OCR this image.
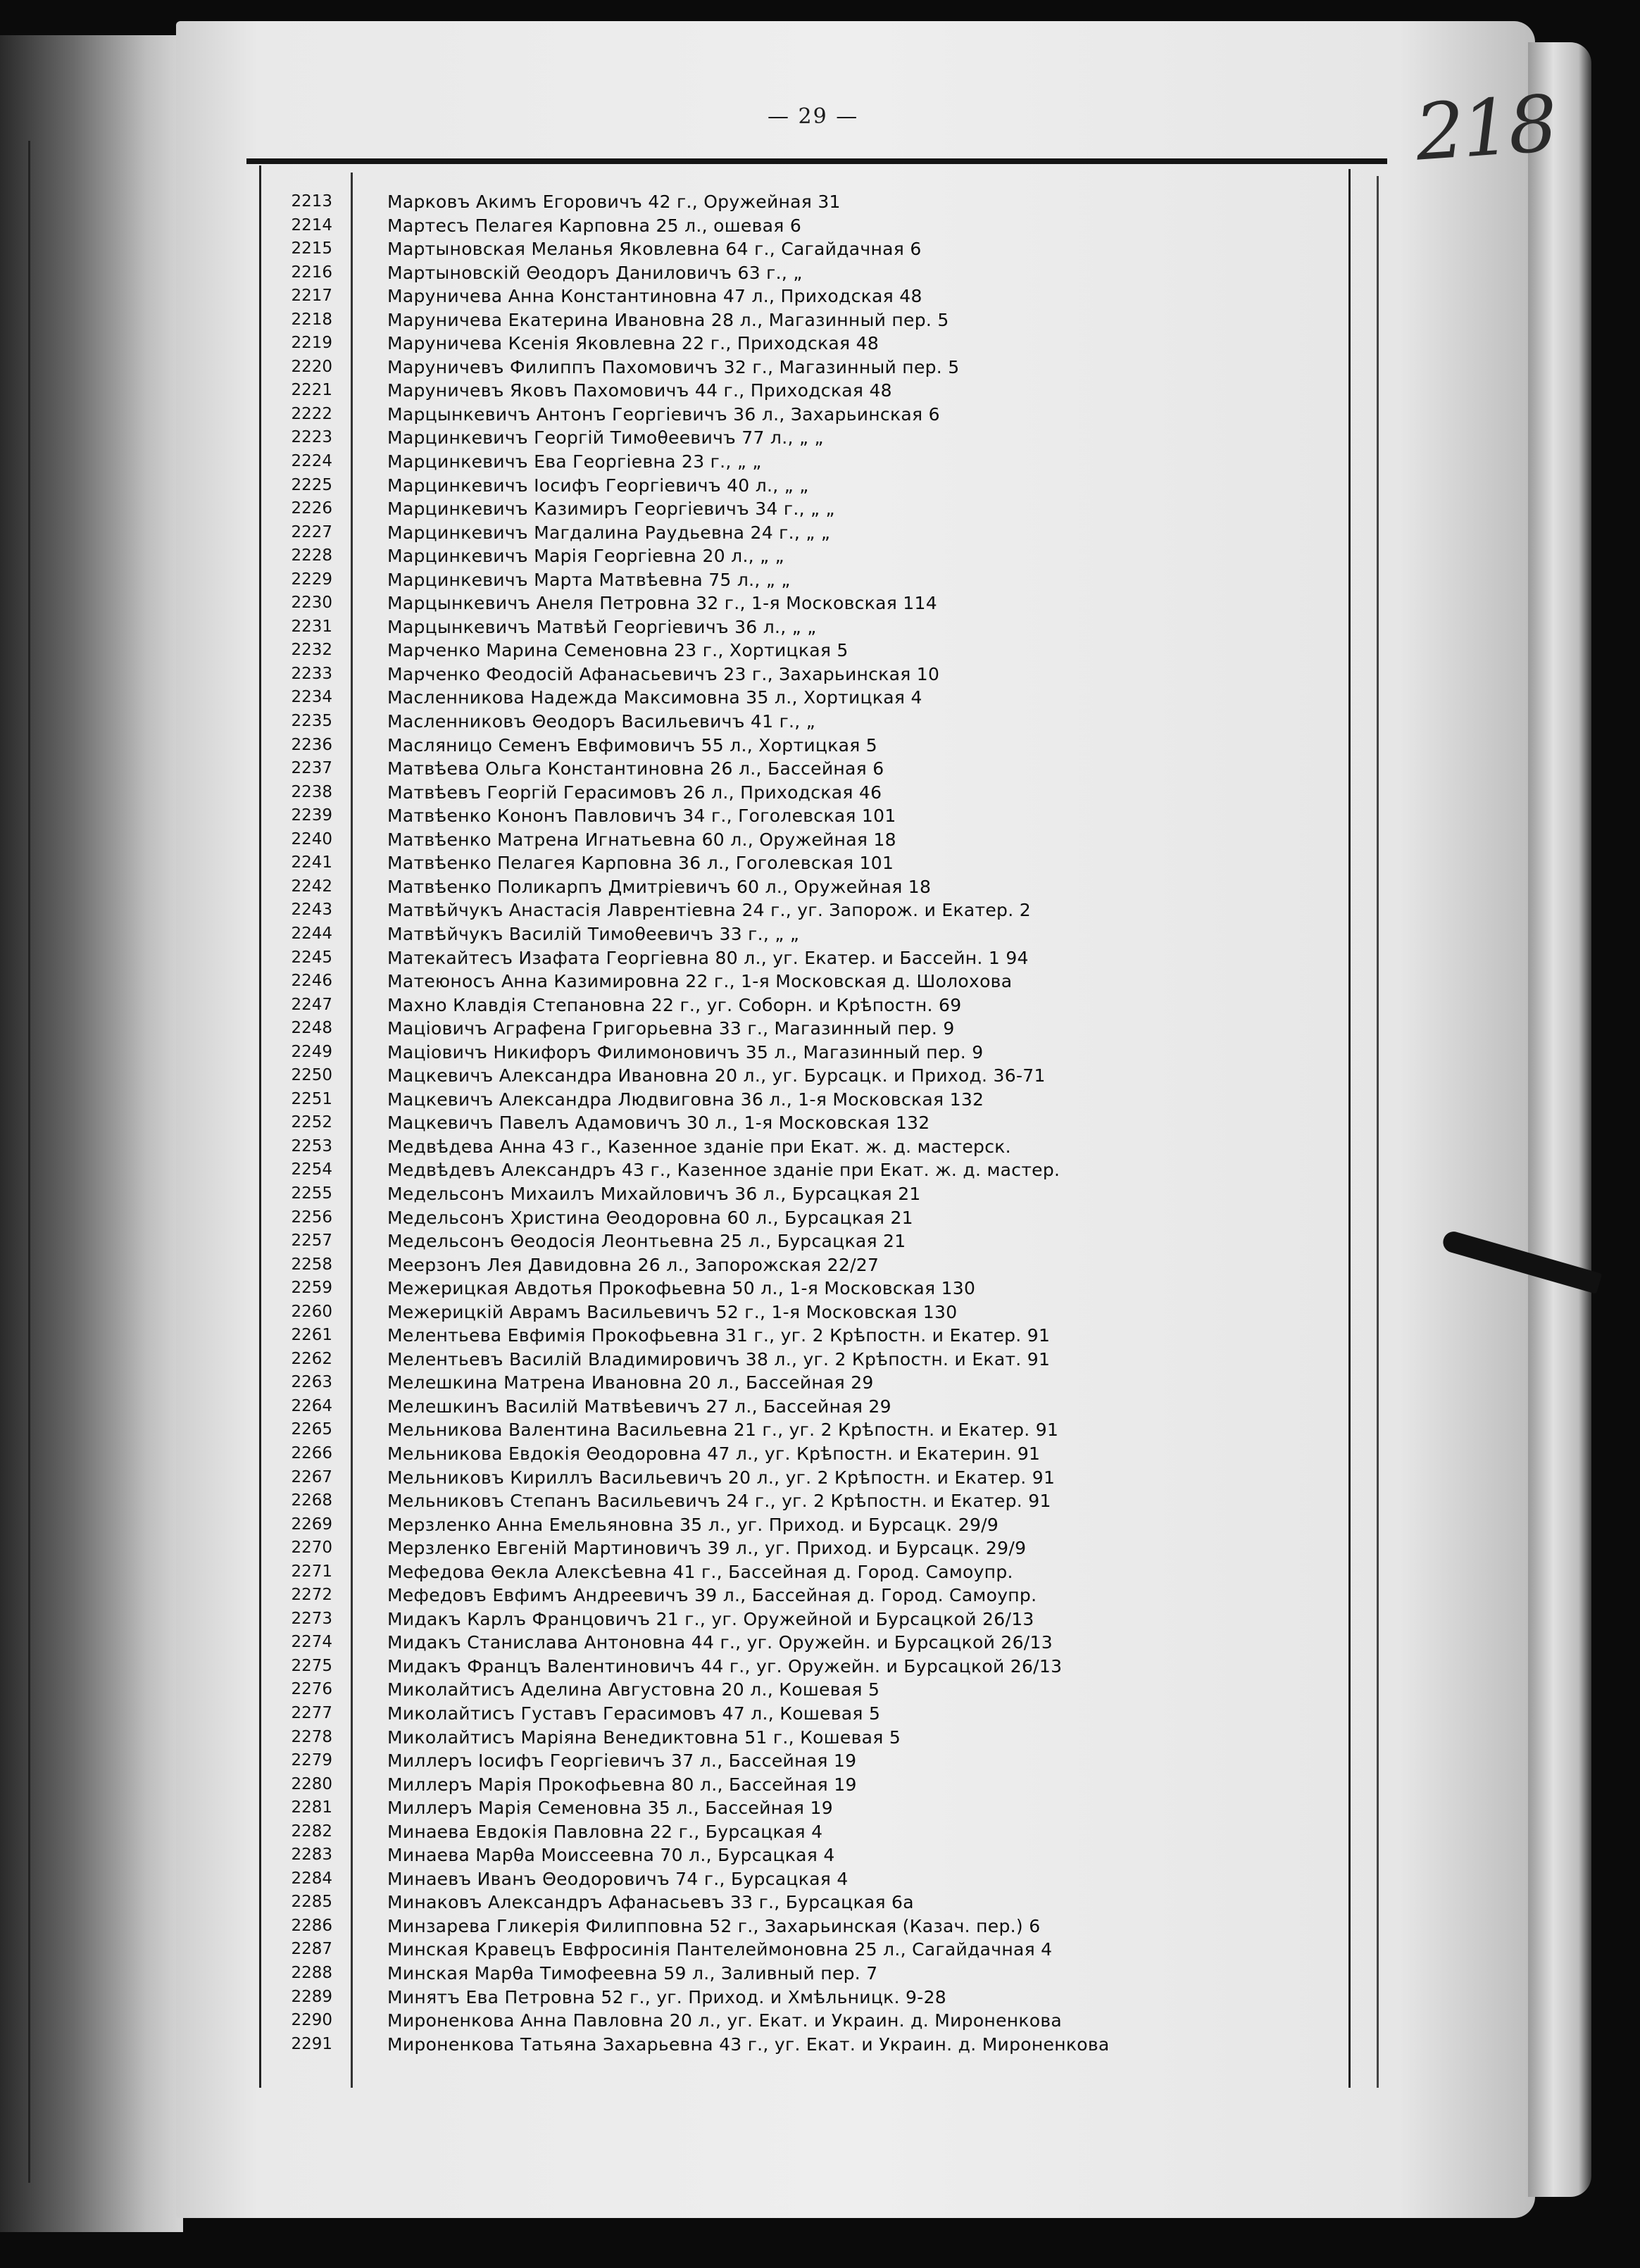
— 29 —	218
2213	Марковъ Акимъ Егоровичъ 42 г., Оружейная 31
2214	Мартесъ Пелагея Карповна 25 л., ошевая 6
2215	Мартыновская Меланья Яковлевна 64 г., Сагайдачная 6
2216	Мартыновскій Θеодоръ Даниловичъ 63 г., „
2217	Маруничева Анна Константиновна 47 л., Приходская 48
2218	Маруничева Екатерина Ивановна 28 л., Магазинный пер. 5
2219	Маруничева Ксенія Яковлевна 22 г., Приходская 48
2220	Маруничевъ Филиппъ Пахомовичъ 32 г., Магазинный пер. 5
2221	Маруничевъ Яковъ Пахомовичъ 44 г., Приходская 48
2222	Марцынкевичъ Антонъ Георгіевичъ 36 л., Захарьинская 6
2223	Марцинкевичъ Георгій Тимоθеевичъ 77 л., „ „
2224	Марцинкевичъ Ева Георгіевна 23 г., „ „
2225	Марцинкевичъ Іосифъ Георгіевичъ 40 л., „ „
2226	Марцинкевичъ Казимиръ Георгіевичъ 34 г., „ „
2227	Марцинкевичъ Магдалина Раудьевна 24 г., „ „
2228	Марцинкевичъ Марія Георгіевна 20 л., „ „
2229	Марцинкевичъ Марта Матвѣевна 75 л., „ „
2230	Марцынкевичъ Анеля Петровна 32 г., 1-я Московская 114
2231	Марцынкевичъ Матвѣй Георгіевичъ 36 л., „ „
2232	Марченко Марина Семеновна 23 г., Хортицкая 5
2233	Марченко Феодосій Афанасьевичъ 23 г., Захарьинская 10
2234	Масленникова Надежда Максимовна 35 л., Хортицкая 4
2235	Масленниковъ Θеодоръ Васильевичъ 41 г., „
2236	Масляницо Семенъ Евфимовичъ 55 л., Хортицкая 5
2237	Матвѣева Ольга Константиновна 26 л., Бассейная 6
2238	Матвѣевъ Георгій Герасимовъ 26 л., Приходская 46
2239	Матвѣенко Кононъ Павловичъ 34 г., Гоголевская 101
2240	Матвѣенко Матрена Игнатьевна 60 л., Оружейная 18
2241	Матвѣенко Пелагея Карповна 36 л., Гоголевская 101
2242	Матвѣенко Поликарпъ Дмитріевичъ 60 л., Оружейная 18
2243	Матвѣйчукъ Анастасія Лаврентіевна 24 г., уг. Запорож. и Екатер. 2
2244	Матвѣйчукъ Василій Тимоθеевичъ 33 г., „ „
2245	Матекайтесъ Изафата Георгіевна 80 л., уг. Екатер. и Бассейн. 1 94
2246	Матеюносъ Анна Казимировна 22 г., 1-я Московская д. Шолохова
2247	Махно Клавдія Степановна 22 г., уг. Соборн. и Крѣпостн. 69
2248	Маціовичъ Аграфена Григорьевна 33 г., Магазинный пер. 9
2249	Маціовичъ Никифоръ Филимоновичъ 35 л., Магазинный пер. 9
2250	Мацкевичъ Александра Ивановна 20 л., уг. Бурсацк. и Приход. 36-71
2251	Мацкевичъ Александра Людвиговна 36 л., 1-я Московская 132
2252	Мацкевичъ Павелъ Адамовичъ 30 л., 1-я Московская 132
2253	Медвѣдева Анна 43 г., Казенное зданіе при Екат. ж. д. мастерск.
2254	Медвѣдевъ Александръ 43 г., Казенное зданіе при Екат. ж. д. мастер.
2255	Медельсонъ Михаилъ Михайловичъ 36 л., Бурсацкая 21
2256	Медельсонъ Христина Θеодоровна 60 л., Бурсацкая 21
2257	Медельсонъ Θеодосія Леонтьевна 25 л., Бурсацкая 21
2258	Меерзонъ Лея Давидовна 26 л., Запорожская 22/27
2259	Межерицкая Авдотья Прокофьевна 50 л., 1-я Московская 130
2260	Межерицкій Аврамъ Васильевичъ 52 г., 1-я Московская 130
2261	Мелентьева Евфимія Прокофьевна 31 г., уг. 2 Крѣпостн. и Екатер. 91
2262	Мелентьевъ Василій Владимировичъ 38 л., уг. 2 Крѣпостн. и Екат. 91
2263	Мелешкина Матрена Ивановна 20 л., Бассейная 29
2264	Мелешкинъ Василій Матвѣевичъ 27 л., Бассейная 29
2265	Мельникова Валентина Васильевна 21 г., уг. 2 Крѣпостн. и Екатер. 91
2266	Мельникова Евдокія Θеодоровна 47 л., уг. Крѣпостн. и Екатерин. 91
2267	Мельниковъ Кириллъ Васильевичъ 20 л., уг. 2 Крѣпостн. и Екатер. 91
2268	Мельниковъ Степанъ Васильевичъ 24 г., уг. 2 Крѣпостн. и Екатер. 91
2269	Мерзленко Анна Емельяновна 35 л., уг. Приход. и Бурсацк. 29/9
2270	Мерзленко Евгеній Мартиновичъ 39 л., уг. Приход. и Бурсацк. 29/9
2271	Мефедова Θекла Алексѣевна 41 г., Бассейная д. Город. Самоупр.
2272	Мефедовъ Евфимъ Андреевичъ 39 л., Бассейная д. Город. Самоупр.
2273	Мидакъ Карлъ Францовичъ 21 г., уг. Оружейной и Бурсацкой 26/13
2274	Мидакъ Станислава Антоновна 44 г., уг. Оружейн. и Бурсацкой 26/13
2275	Мидакъ Францъ Валентиновичъ 44 г., уг. Оружейн. и Бурсацкой 26/13
2276	Миколайтисъ Аделина Августовна 20 л., Кошевая 5
2277	Миколайтисъ Густавъ Герасимовъ 47 л., Кошевая 5
2278	Миколайтисъ Маріяна Венедиктовна 51 г., Кошевая 5
2279	Миллеръ Іосифъ Георгіевичъ 37 л., Бассейная 19
2280	Миллеръ Марія Прокофьевна 80 л., Бассейная 19
2281	Миллеръ Марія Семеновна 35 л., Бассейная 19
2282	Минаева Евдокія Павловна 22 г., Бурсацкая 4
2283	Минаева Марθа Моиссеевна 70 л., Бурсацкая 4
2284	Минаевъ Иванъ Θеодоровичъ 74 г., Бурсацкая 4
2285	Минаковъ Александръ Афанасьевъ 33 г., Бурсацкая 6а
2286	Минзарева Гликерія Филипповна 52 г., Захарьинская (Казач. пер.) 6
2287	Минская Кравецъ Евфросинія Пантелеймоновна 25 л., Сагайдачная 4
2288	Минская Марθа Тимофеевна 59 л., Заливный пер. 7
2289	Минятъ Ева Петровна 52 г., уг. Приход. и Хмѣльницк. 9-28
2290	Мироненкова Анна Павловна 20 л., уг. Екат. и Украин. д. Мироненкова
2291	Мироненкова Татьяна Захарьевна 43 г., уг. Екат. и Украин. д. Мироненкова
